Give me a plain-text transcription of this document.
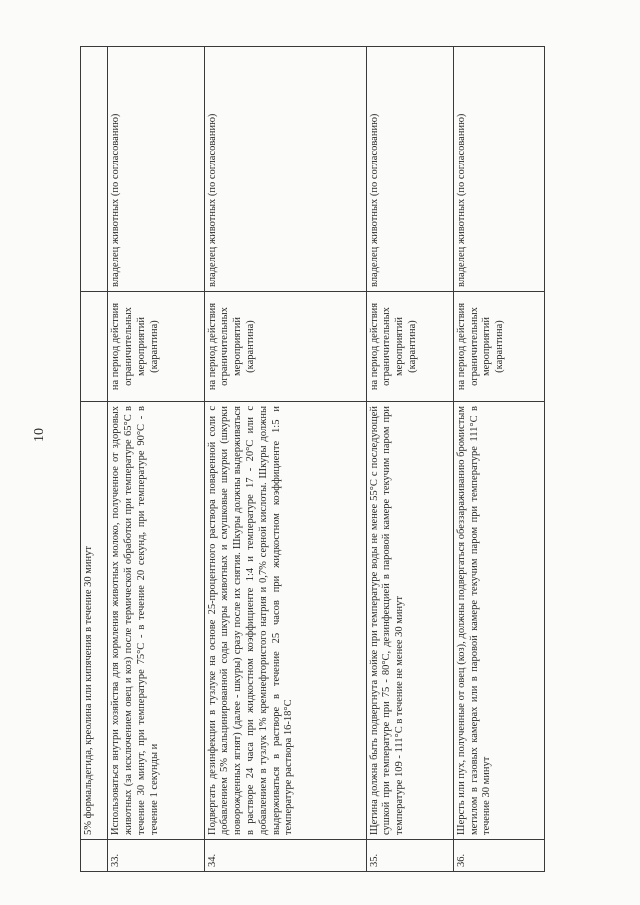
10
	5% формальдегида, креолина или кипячения в течение 30 минут		
33.	Использоваться внутри хозяйства для кормления животных молоко, полученное от здоровых животных (за исключением овец и коз) после термической обработки при температуре 65°C в течение 30 минут, при температуре 75°C - в течение 20 секунд, при температуре 90°C - в течение 1 секунды и	на период действия ограничительных мероприятий (карантина)	владелец животных (по согласованию)
34.	Подвергать дезинфекции в тузлуке на основе 25-процентного раствора поваренной соли с добавлением 5% кальцинированной соды шкуры животных и смушковые шкурки (шкурки новорожденных ягнят) (далее - шкуры) сразу после их снятия. Шкуры должны выдерживаться в растворе 24 часа при жидкостном коэффициенте 1:4 и температуре 17 - 20°C или с добавлением в тузлук 1% кремнефтористого натрия и 0,7% серной кислоты. Шкуры должны выдерживаться в растворе в течение 25 часов при жидкостном коэффициенте 1:5 и температуре раствора 16-18°C	на период действия ограничительных мероприятий (карантина)	владелец животных (по согласованию)
35.	Щетина должна быть подвергнута мойке при температуре воды не менее 55°C с последующей сушкой при температуре при 75 - 80°C, дезинфекцией в паровой камере текучим паром при температуре 109 - 111°C в течение не менее 30 минут	на период действия ограничительных мероприятий (карантина)	владелец животных (по согласованию)
36.	Шерсть или пух, полученные от овец (коз), должны подвергаться обеззараживанию бромистым метилом в газовых камерах или в паровой камере текучим паром при температуре 111°C в течение 30 минут	на период действия ограничительных мероприятий (карантина)	владелец животных (по согласованию)
